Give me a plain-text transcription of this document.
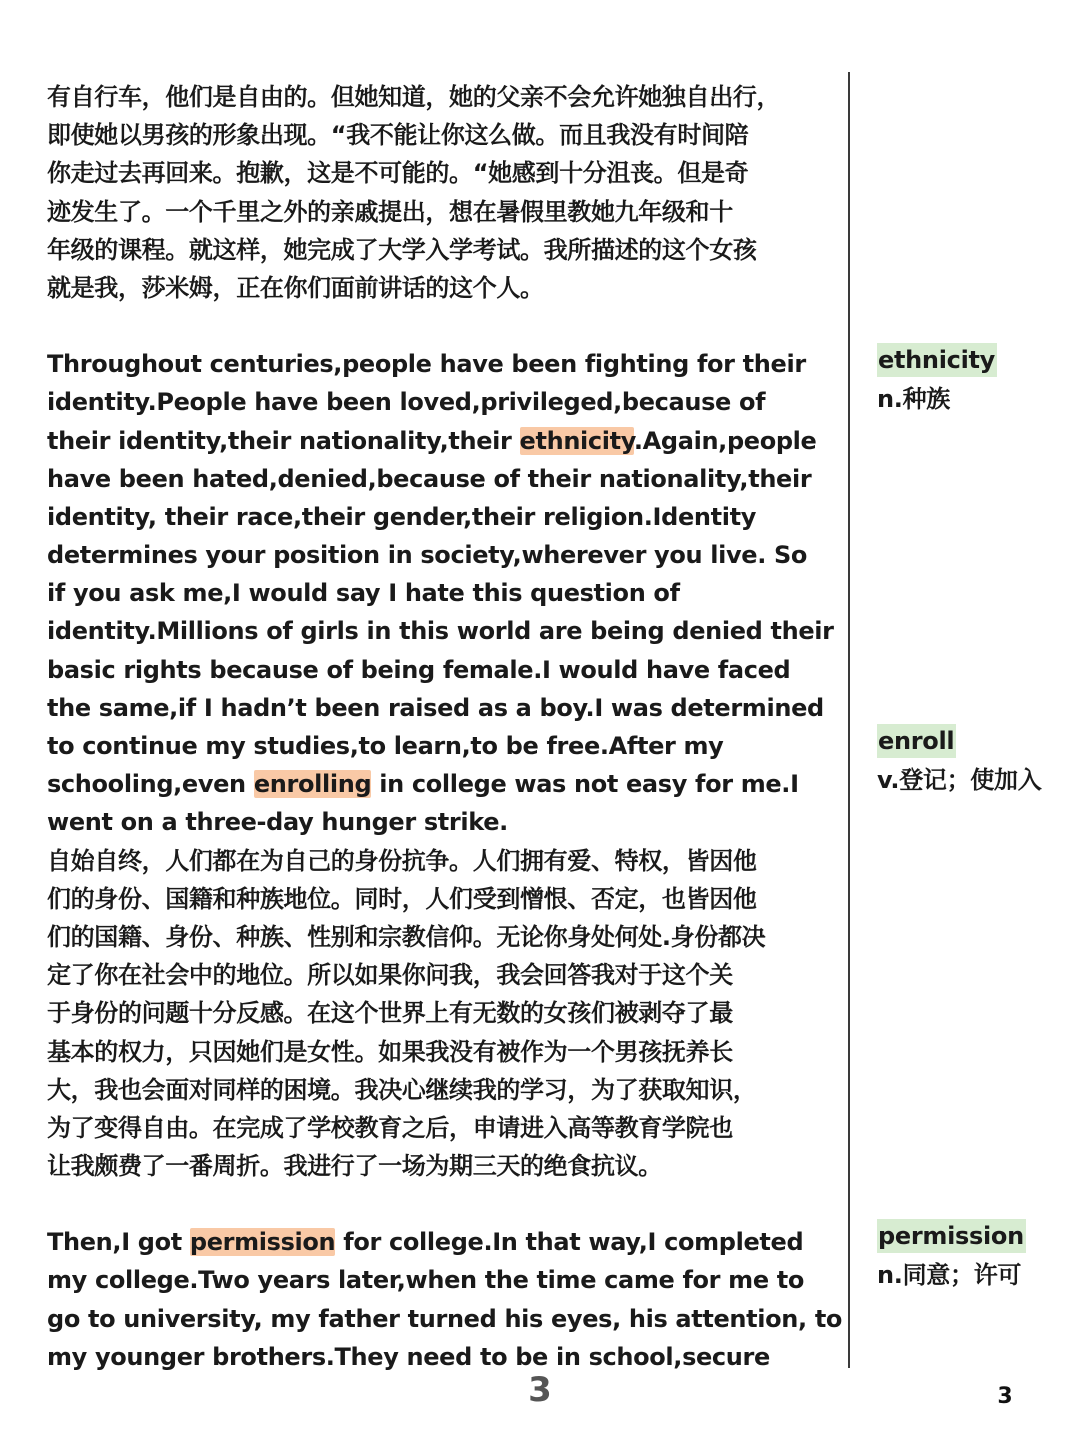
有自行车，他们是自由的。但她知道，她的父亲不会允许她独自出行，
即使她以男孩的形象出现。“我不能让你这么做。而且我没有时间陪
你走过去再回来。抱歉，这是不可能的。“她感到十分沮丧。但是奇
迹发生了。一个千里之外的亲戚提出，想在暑假里教她九年级和十
年级的课程。就这样，她完成了大学入学考试。我所描述的这个女孩
就是我，莎米姆，正在你们面前讲话的这个人。
Throughout centuries,people have been fighting for their
identity.People have been loved,privileged,because of
their identity,their nationality,their ethnicity.Again,people
have been hated,denied,because of their nationality,their
identity, their race,their gender,their religion.Identity
determines your position in society,wherever you live. So
if you ask me,I would say I hate this question of
identity.Millions of girls in this world are being denied their
basic rights because of being female.I would have faced
the same,if I hadn’t been raised as a boy.I was determined
to continue my studies,to learn,to be free.After my
schooling,even enrolling in college was not easy for me.I
went on a three-day hunger strike.
自始自终，人们都在为自己的身份抗争。人们拥有爱、特权，皆因他
们的身份、国籍和种族地位。同时，人们受到憎恨、否定，也皆因他
们的国籍、身份、种族、性别和宗教信仰。无论你身处何处.身份都决
定了你在社会中的地位。所以如果你问我，我会回答我对于这个关
于身份的问题十分反感。在这个世界上有无数的女孩们被剥夺了最
基本的权力，只因她们是女性。如果我没有被作为一个男孩抚养长
大，我也会面对同样的困境。我决心继续我的学习，为了获取知识，
为了变得自由。在完成了学校教育之后，申请进入高等教育学院也
让我颇费了一番周折。我进行了一场为期三天的绝食抗议。
Then,I got permission for college.In that way,I completed
my college.Two years later,when the time came for me to
go to university, my father turned his eyes, his attention, to
my younger brothers.They need to be in school,secure
ethnicity
n.种族
enroll
v.登记；使加入
permission
n.同意；许可
3	3
